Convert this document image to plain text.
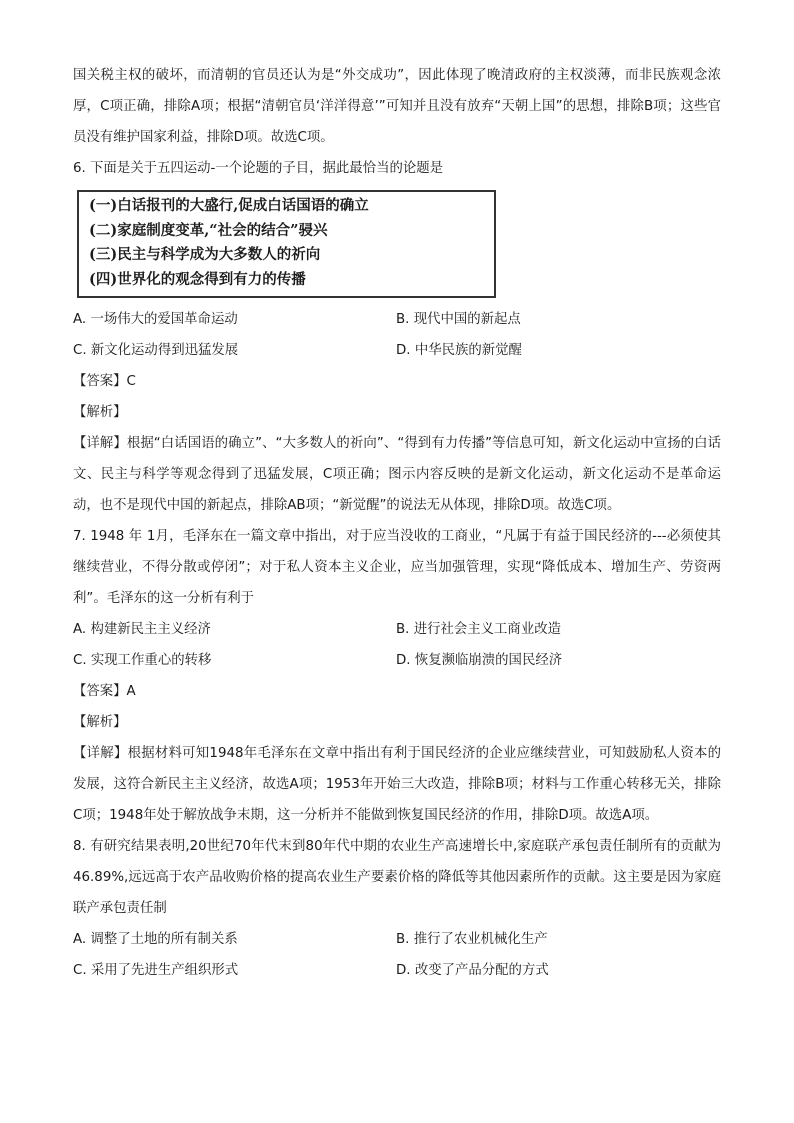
国关税主权的破坏，而清朝的官员还认为是“外交成功”，因此体现了晚清政府的主权淡薄，而非民族观念浓厚，C项正确，排除A项；根据“清朝官员‘洋洋得意’”可知并且没有放弃“天朝上国”的思想，排除B项；这些官员没有维护国家利益，排除D项。故选C项。

6. 下面是关于五四运动-一个论题的子目，据此最恰当的论题是

(一)白话报刊的大盛行,促成白话国语的确立
(二)家庭制度变革,“社会的结合”骎兴
(三)民主与科学成为大多数人的祈向
(四)世界化的观念得到有力的传播
A. 一场伟大的爱国革命运动	B. 现代中国的新起点
C. 新文化运动得到迅猛发展	D. 中华民族的新觉醒

【答案】C

【解析】

【详解】根据“白话国语的确立”、“大多数人的祈向”、“得到有力传播”等信息可知，新文化运动中宣扬的白话文、民主与科学等观念得到了迅猛发展，C项正确；图示内容反映的是新文化运动，新文化运动不是革命运动，也不是现代中国的新起点，排除AB项；“新觉醒”的说法无从体现，排除D项。故选C项。

7. 1948 年 1月，毛泽东在一篇文章中指出，对于应当没收的工商业，“凡属于有益于国民经济的---必须使其继续营业，不得分散或停闭”；对于私人资本主义企业，应当加强管理，实现“降低成本、增加生产、劳资两利”。毛泽东的这一分析有利于

A. 构建新民主主义经济	B. 进行社会主义工商业改造
C. 实现工作重心的转移	D. 恢复濒临崩溃的国民经济

【答案】A

【解析】

【详解】根据材料可知1948年毛泽东在文章中指出有利于国民经济的企业应继续营业，可知鼓励私人资本的发展，这符合新民主主义经济，故选A项；1953年开始三大改造，排除B项；材料与工作重心转移无关，排除C项；1948年处于解放战争末期，这一分析并不能做到恢复国民经济的作用，排除D项。故选A项。

8. 有研究结果表明,20世纪70年代末到80年代中期的农业生产高速增长中,家庭联产承包责任制所有的贡献为46.89%,远远高于农产品收购价格的提高农业生产要素价格的降低等其他因素所作的贡献。这主要是因为家庭联产承包责任制

A. 调整了土地的所有制关系	B. 推行了农业机械化生产
C. 采用了先进生产组织形式	D. 改变了产品分配的方式
